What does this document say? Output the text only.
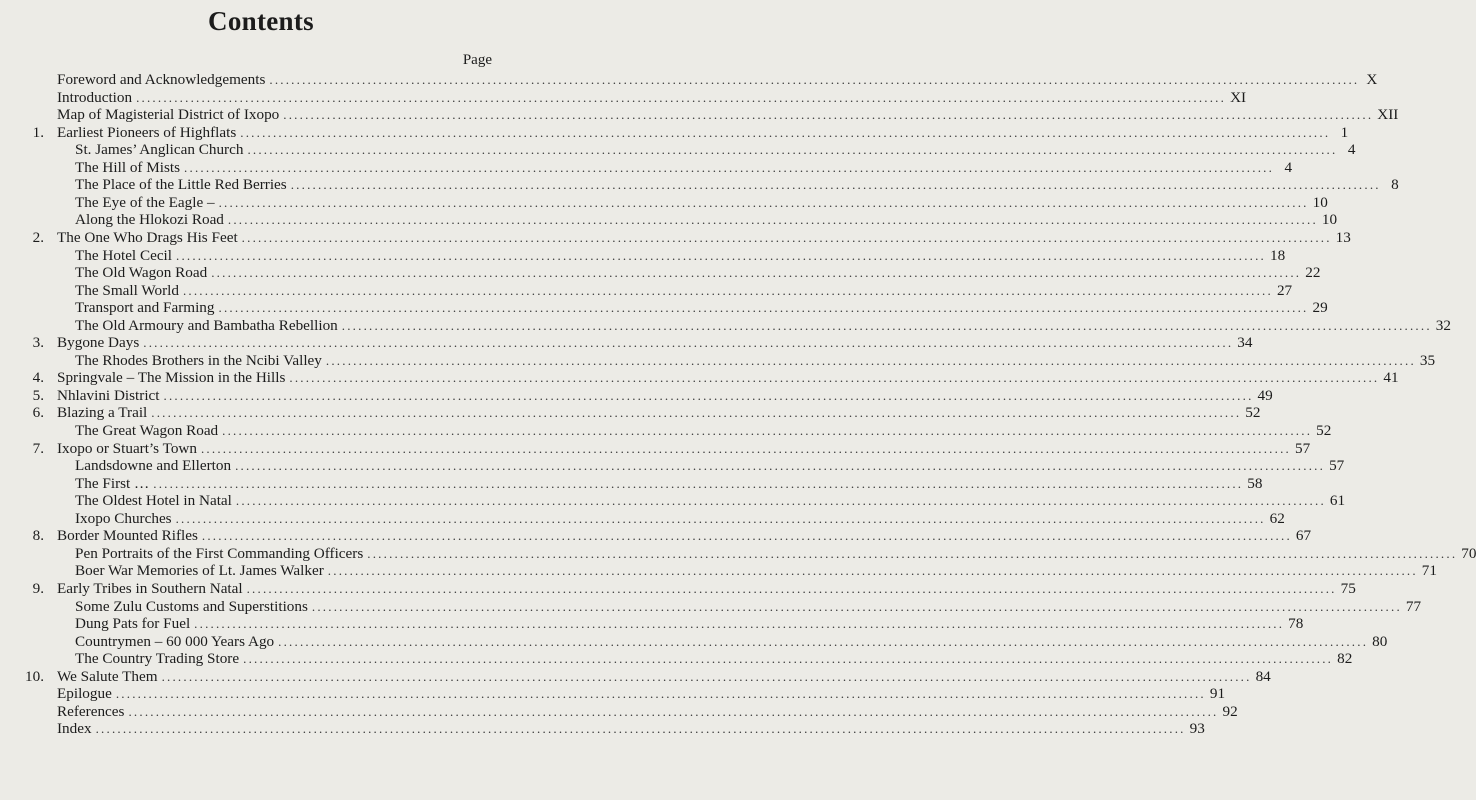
Contents
Page
Foreword and Acknowledgements ........................................................................................................................................................................................................ X
Introduction ........................................................................................................................................................................................................ XI
Map of Magisterial District of Ixopo ........................................................................................................................................................................................................ XII
1. Earliest Pioneers of Highflats ........................................................................................................................................................................................................ 1
St. James’ Anglican Church ........................................................................................................................................................................................................ 4
The Hill of Mists ........................................................................................................................................................................................................ 4
The Place of the Little Red Berries ........................................................................................................................................................................................................ 8
The Eye of the Eagle – ........................................................................................................................................................................................................ 10
Along the Hlokozi Road ........................................................................................................................................................................................................ 10
2. The One Who Drags His Feet ........................................................................................................................................................................................................ 13
The Hotel Cecil ........................................................................................................................................................................................................ 18
The Old Wagon Road ........................................................................................................................................................................................................ 22
The Small World ........................................................................................................................................................................................................ 27
Transport and Farming ........................................................................................................................................................................................................ 29
The Old Armoury and Bambatha Rebellion ........................................................................................................................................................................................................ 32
3. Bygone Days ........................................................................................................................................................................................................ 34
The Rhodes Brothers in the Ncibi Valley ........................................................................................................................................................................................................ 35
4. Springvale – The Mission in the Hills ........................................................................................................................................................................................................ 41
5. Nhlavini District ........................................................................................................................................................................................................ 49
6. Blazing a Trail ........................................................................................................................................................................................................ 52
The Great Wagon Road ........................................................................................................................................................................................................ 52
7. Ixopo or Stuart’s Town ........................................................................................................................................................................................................ 57
Landsdowne and Ellerton ........................................................................................................................................................................................................ 57
The First … ........................................................................................................................................................................................................ 58
The Oldest Hotel in Natal ........................................................................................................................................................................................................ 61
Ixopo Churches ........................................................................................................................................................................................................ 62
8. Border Mounted Rifles ........................................................................................................................................................................................................ 67
Pen Portraits of the First Commanding Officers ........................................................................................................................................................................................................ 70
Boer War Memories of Lt. James Walker ........................................................................................................................................................................................................ 71
9. Early Tribes in Southern Natal ........................................................................................................................................................................................................ 75
Some Zulu Customs and Superstitions ........................................................................................................................................................................................................ 77
Dung Pats for Fuel ........................................................................................................................................................................................................ 78
Countrymen – 60 000 Years Ago ........................................................................................................................................................................................................ 80
The Country Trading Store ........................................................................................................................................................................................................ 82
10. We Salute Them ........................................................................................................................................................................................................ 84
Epilogue ........................................................................................................................................................................................................ 91
References ........................................................................................................................................................................................................ 92
Index ........................................................................................................................................................................................................ 93
